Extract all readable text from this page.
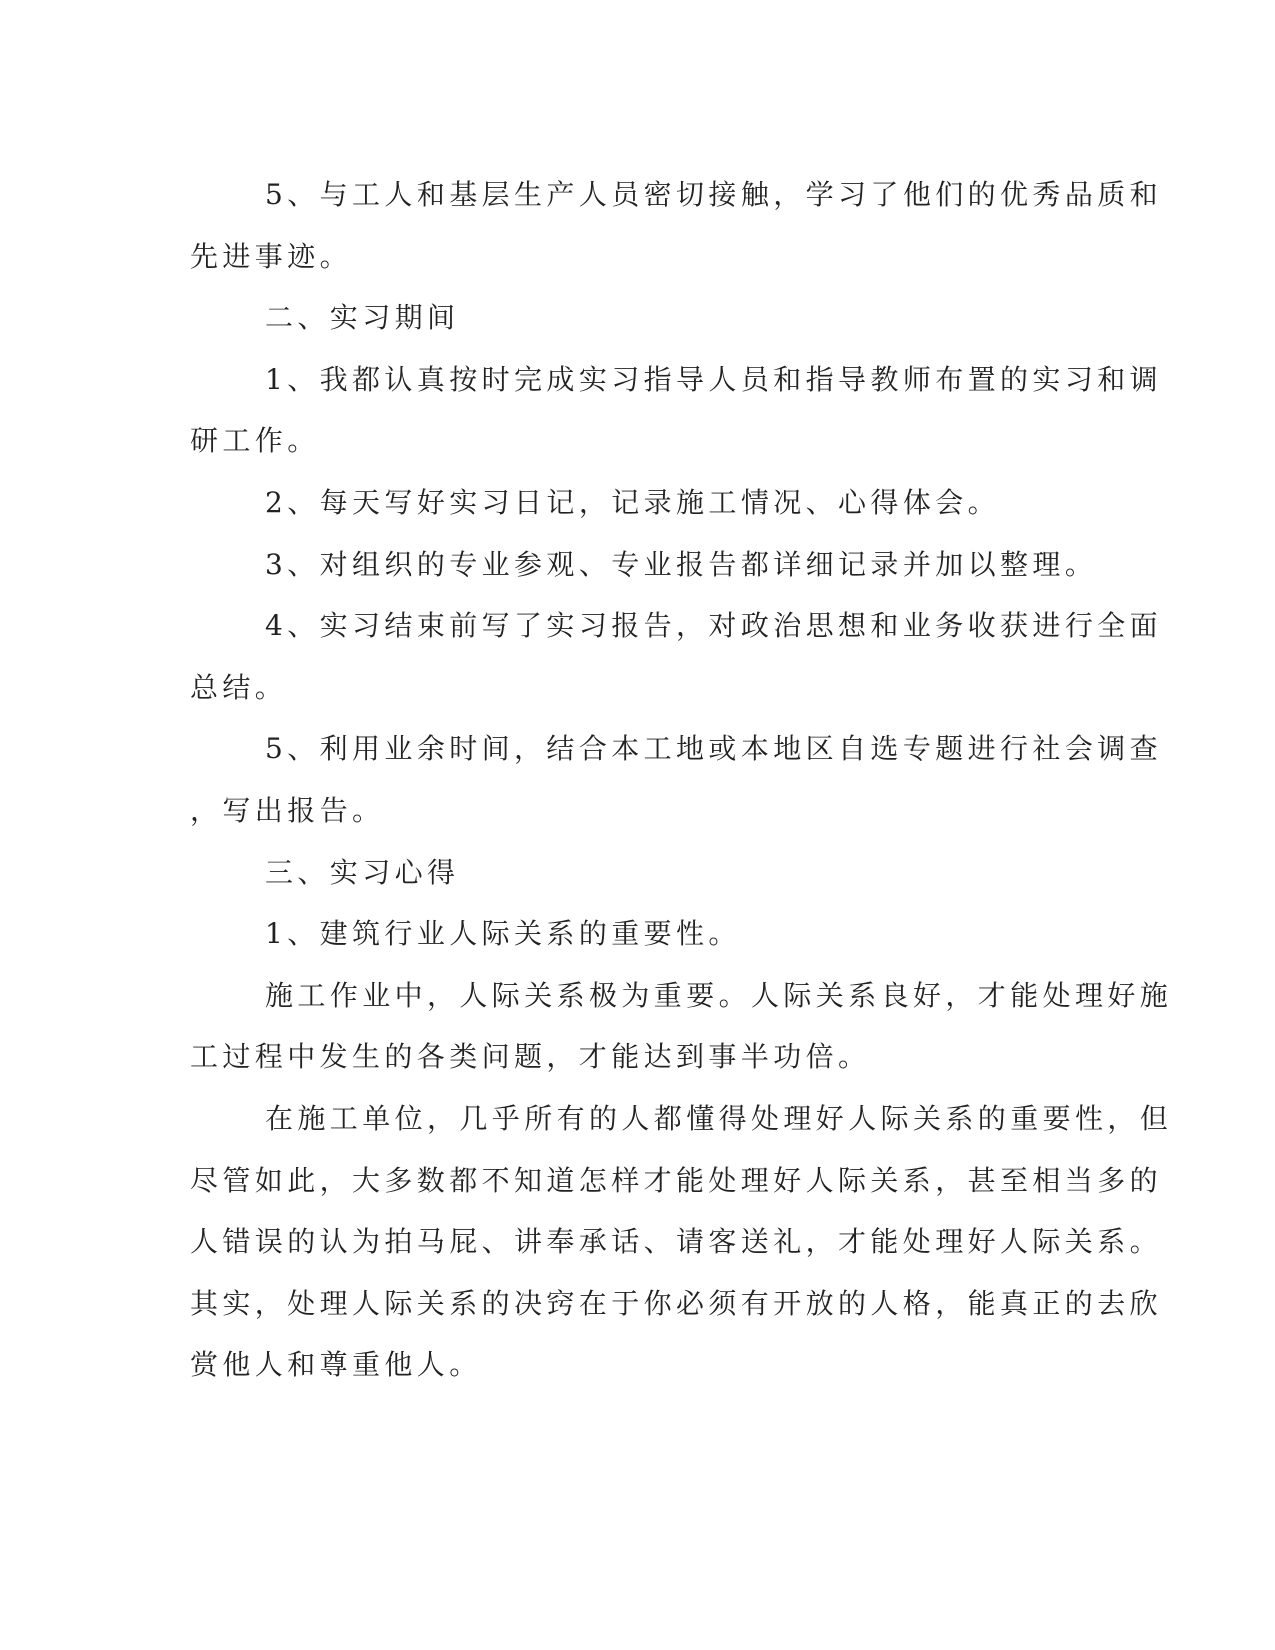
5、与工人和基层生产人员密切接触，学习了他们的优秀品质和

先进事迹。

二、实习期间

1、我都认真按时完成实习指导人员和指导教师布置的实习和调

研工作。

2、每天写好实习日记，记录施工情况、心得体会。

3、对组织的专业参观、专业报告都详细记录并加以整理。

4、实习结束前写了实习报告，对政治思想和业务收获进行全面

总结。

5、利用业余时间，结合本工地或本地区自选专题进行社会调查

，写出报告。

三、实习心得

1、建筑行业人际关系的重要性。

施工作业中，人际关系极为重要。人际关系良好，才能处理好施

工过程中发生的各类问题，才能达到事半功倍。

在施工单位，几乎所有的人都懂得处理好人际关系的重要性，但

尽管如此，大多数都不知道怎样才能处理好人际关系，甚至相当多的

人错误的认为拍马屁、讲奉承话、请客送礼，才能处理好人际关系。

其实，处理人际关系的决窍在于你必须有开放的人格，能真正的去欣

赏他人和尊重他人。
